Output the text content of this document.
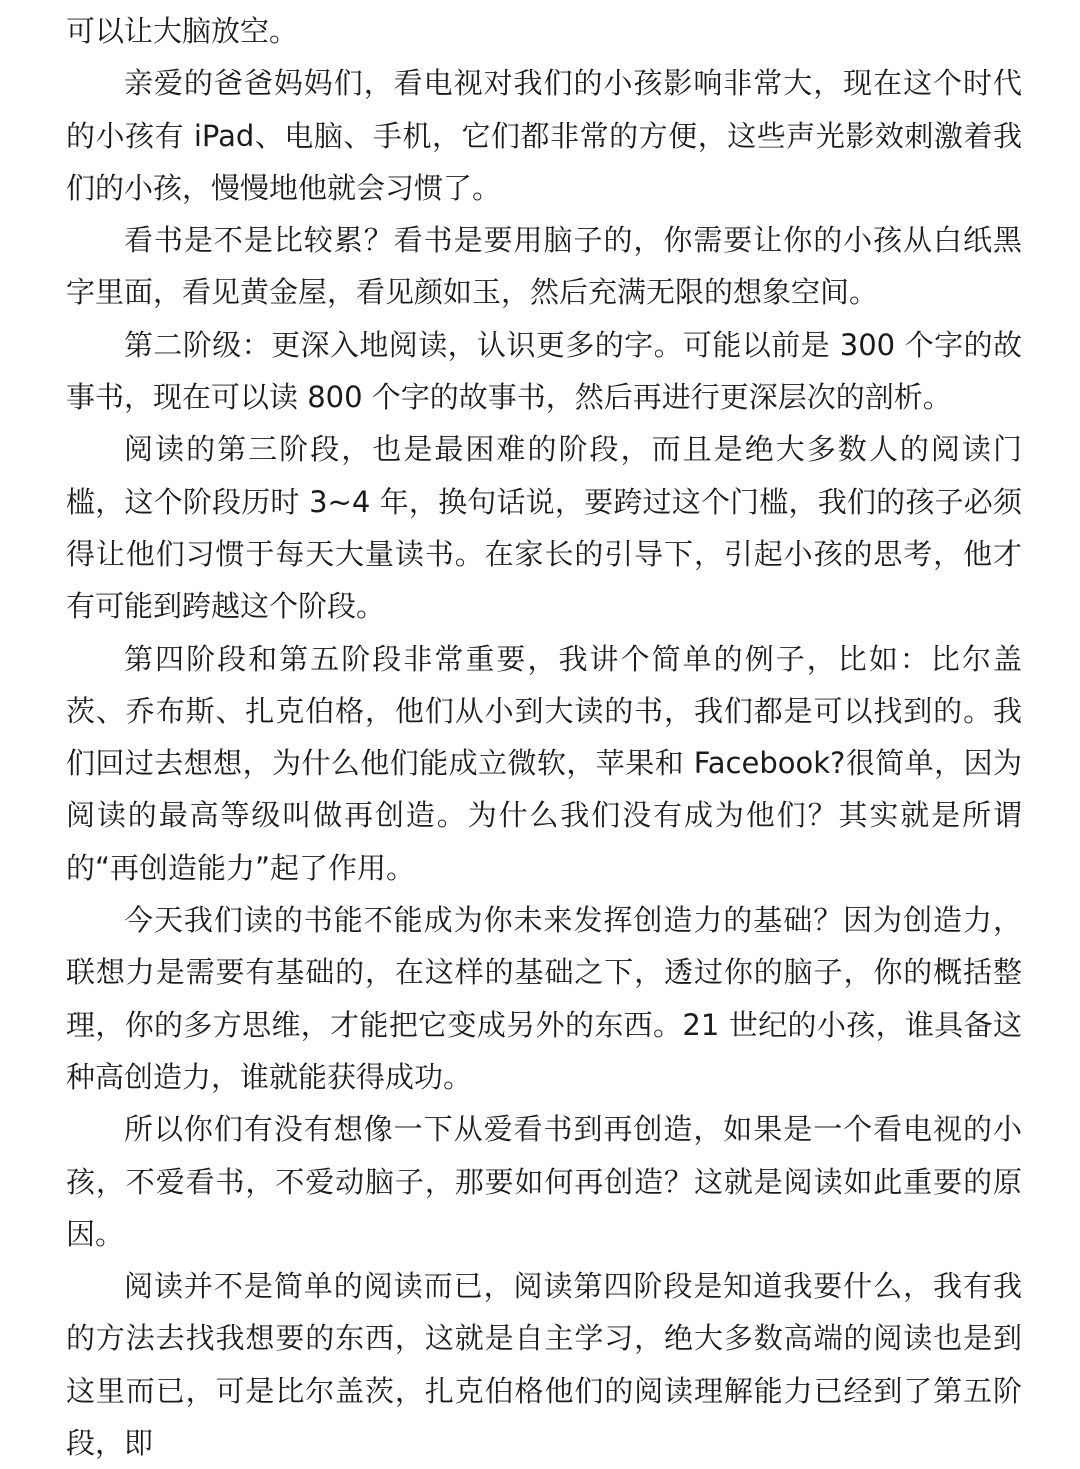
可以让大脑放空。

亲爱的爸爸妈妈们，看电视对我们的小孩影响非常大，现在这个时代的小孩有 iPad、电脑、手机，它们都非常的方便，这些声光影效刺激着我们的小孩，慢慢地他就会习惯了。

看书是不是比较累？看书是要用脑子的，你需要让你的小孩从白纸黑字里面，看见黄金屋，看见颜如玉，然后充满无限的想象空间。

第二阶级：更深入地阅读，认识更多的字。可能以前是 300 个字的故事书，现在可以读 800 个字的故事书，然后再进行更深层次的剖析。

阅读的第三阶段，也是最困难的阶段，而且是绝大多数人的阅读门槛，这个阶段历时 3~4 年，换句话说，要跨过这个门槛，我们的孩子必须得让他们习惯于每天大量读书。在家长的引导下，引起小孩的思考，他才有可能到跨越这个阶段。

第四阶段和第五阶段非常重要，我讲个简单的例子，比如：比尔盖茨、乔布斯、扎克伯格，他们从小到大读的书，我们都是可以找到的。我们回过去想想，为什么他们能成立微软，苹果和 Facebook?很简单，因为阅读的最高等级叫做再创造。为什么我们没有成为他们？其实就是所谓的“再创造能力”起了作用。

今天我们读的书能不能成为你未来发挥创造力的基础？因为创造力，联想力是需要有基础的，在这样的基础之下，透过你的脑子，你的概括整理，你的多方思维，才能把它变成另外的东西。21 世纪的小孩，谁具备这种高创造力，谁就能获得成功。

所以你们有没有想像一下从爱看书到再创造，如果是一个看电视的小孩，不爱看书，不爱动脑子，那要如何再创造？这就是阅读如此重要的原因。

阅读并不是简单的阅读而已，阅读第四阶段是知道我要什么，我有我的方法去找我想要的东西，这就是自主学习，绝大多数高端的阅读也是到这里而已，可是比尔盖茨，扎克伯格他们的阅读理解能力已经到了第五阶段，即
